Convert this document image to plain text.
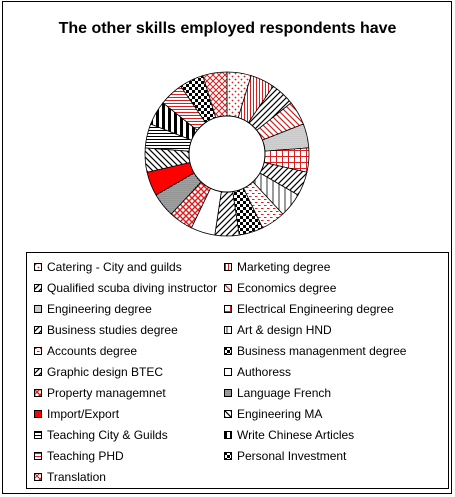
The other skills employed respondents have
Catering - City and guilds	Marketing degree
Qualified scuba diving instructor Economics degree
Engineering degree	Electrical Engineering degree
Business studies degree	Art & design HND
Accounts degree	Business managenment degree
Graphic design BTEC	Authoress
Property managemnet	Language French
Import/Export	Engineering MA
Teaching City & Guilds	Write Chinese Articles
Teaching PHD	Personal Investment
Translation
